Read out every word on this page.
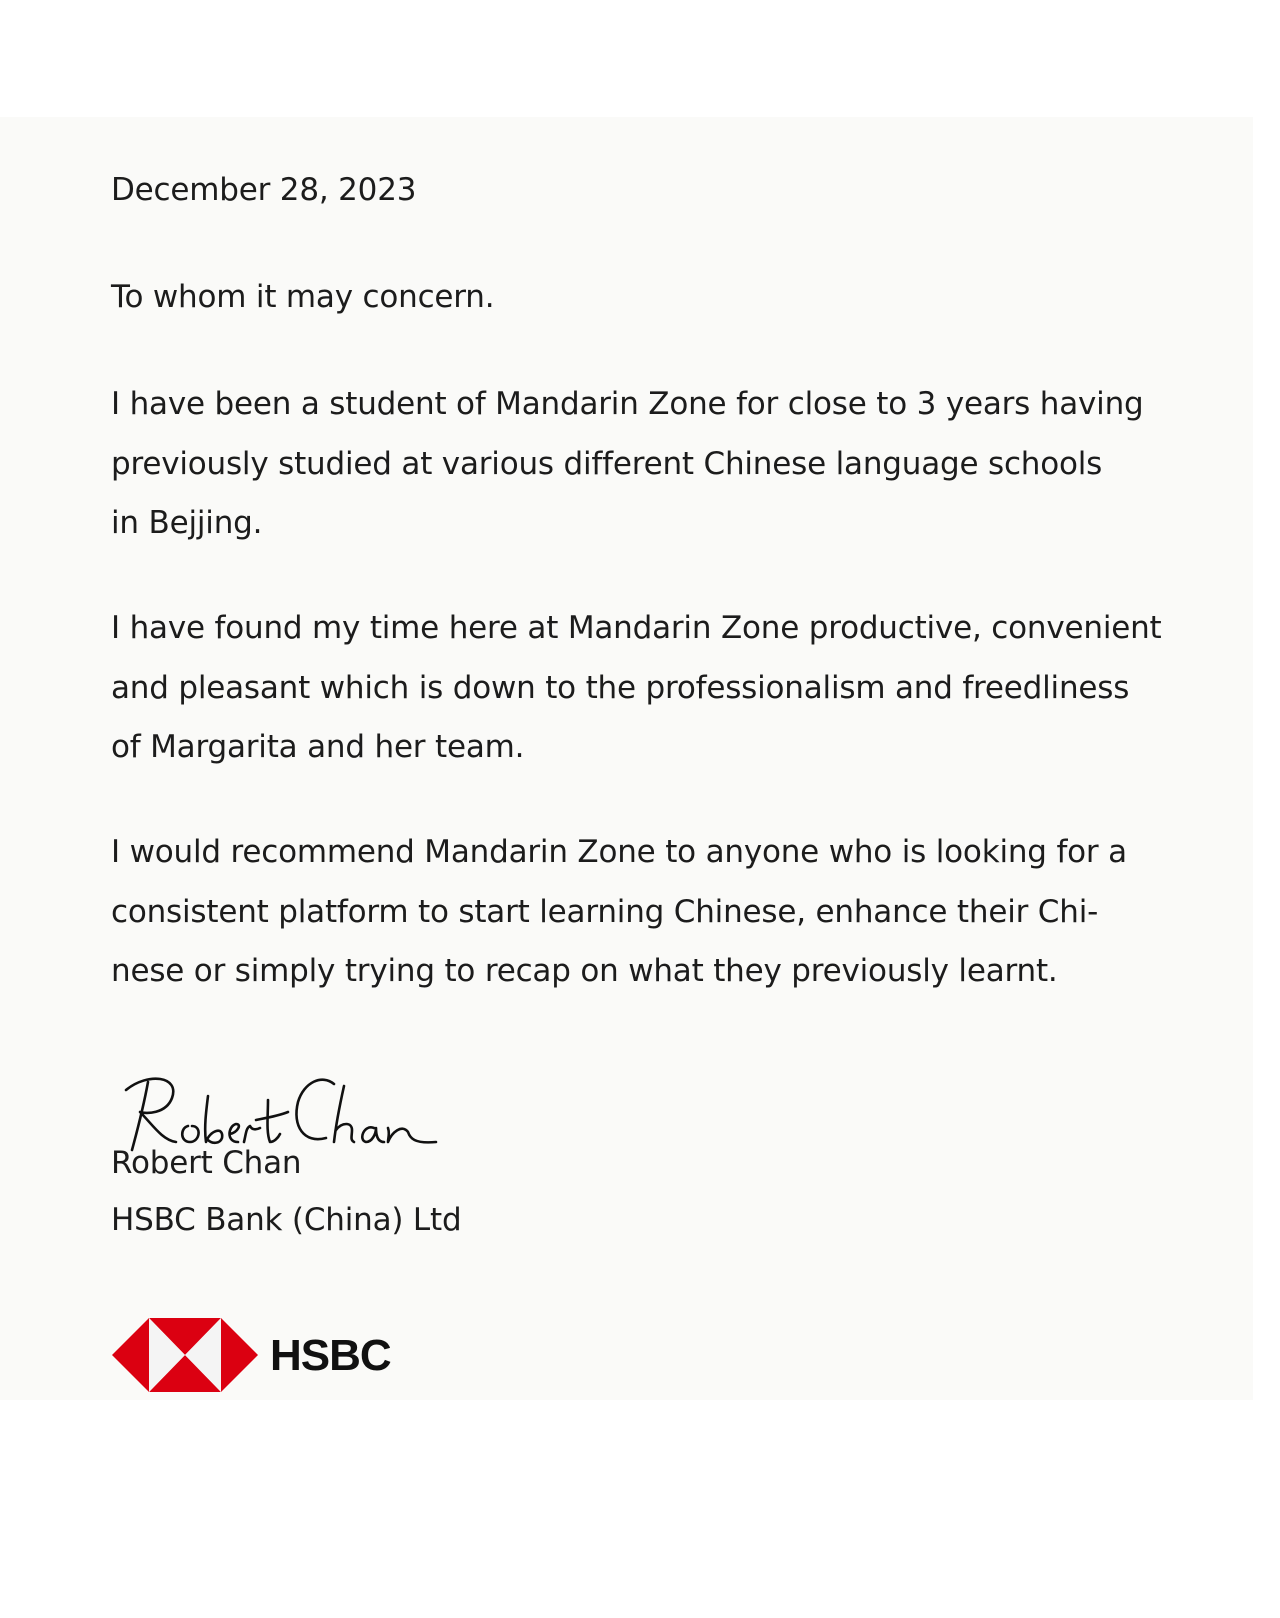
December 28, 2023
To whom it may concern.
I have been a student of Mandarin Zone for close to 3 years having
previously studied at various different Chinese language schools
in Bejjing.
I have found my time here at Mandarin Zone productive, convenient
and pleasant which is down to the professionalism and freedliness
of Margarita and her team.
I would recommend Mandarin Zone to anyone who is looking for a
consistent platform to start learning Chinese, enhance their Chi-
nese or simply trying to recap on what they previously learnt.
Robert Chan
HSBC Bank (China) Ltd
HSBC
